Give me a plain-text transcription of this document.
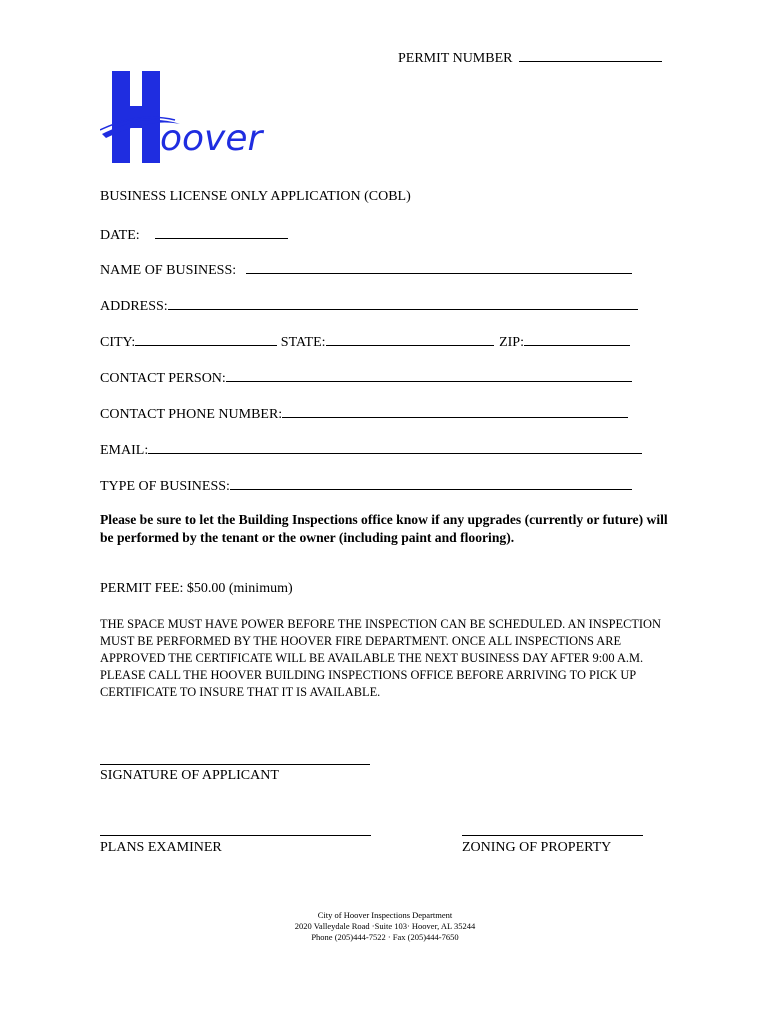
PERMIT NUMBER
oover
BUSINESS LICENSE ONLY APPLICATION (COBL)
DATE:
NAME OF BUSINESS:
ADDRESS:
CITY:	STATE:	ZIP:
CONTACT PERSON:
CONTACT PHONE NUMBER:
EMAIL:
TYPE OF BUSINESS:
Please be sure to let the Building Inspections office know if any upgrades (currently or future) will be performed by the tenant or the owner (including paint and flooring).
PERMIT FEE: $50.00 (minimum)
THE SPACE MUST HAVE POWER BEFORE THE INSPECTION CAN BE SCHEDULED. AN INSPECTION MUST BE PERFORMED BY THE HOOVER FIRE DEPARTMENT. ONCE ALL INSPECTIONS ARE APPROVED THE CERTIFICATE WILL BE AVAILABLE THE NEXT BUSINESS DAY AFTER 9:00 A.M. PLEASE CALL THE HOOVER BUILDING INSPECTIONS OFFICE BEFORE ARRIVING TO PICK UP CERTIFICATE TO INSURE THAT IT IS AVAILABLE.
SIGNATURE OF APPLICANT
PLANS EXAMINER	ZONING OF PROPERTY
City of Hoover Inspections Department
2020 Valleydale Road ·Suite 103· Hoover, AL 35244
Phone (205)444-7522 · Fax (205)444-7650
